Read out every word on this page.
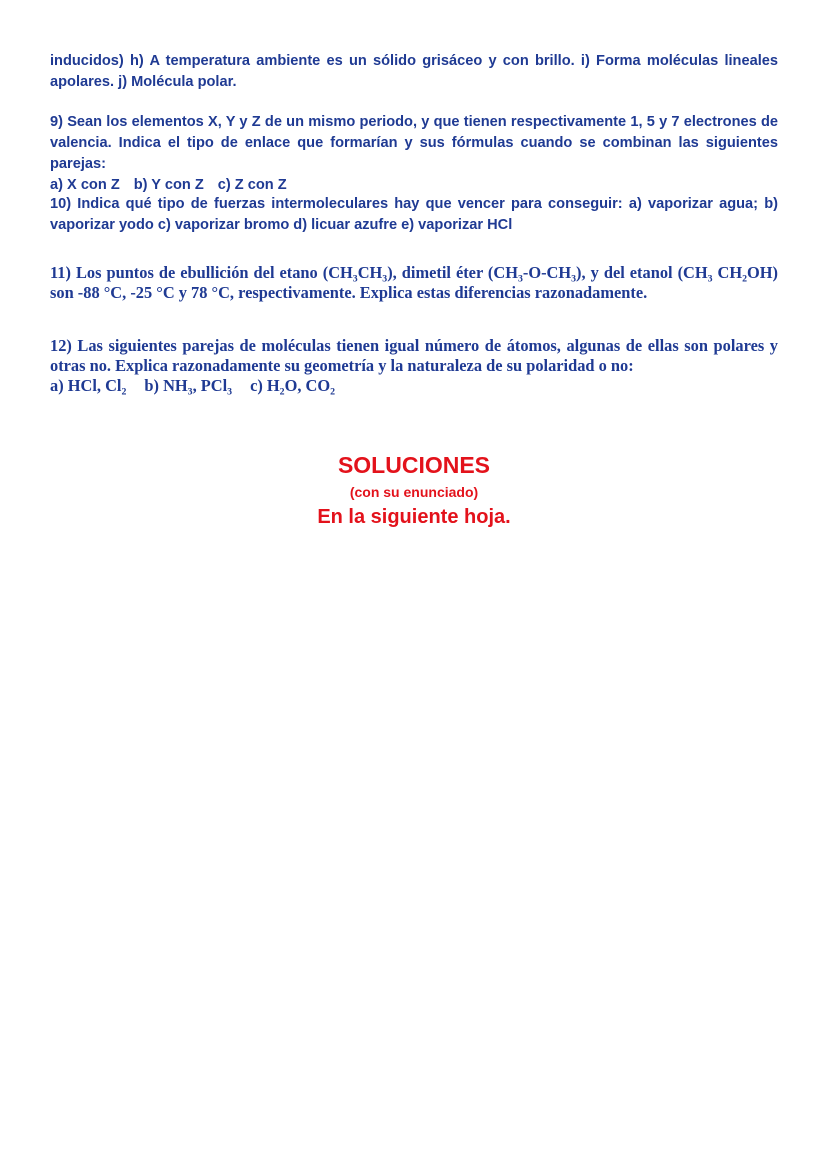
inducidos) h) A temperatura ambiente es un sólido grisáceo y con brillo. i) Forma moléculas lineales apolares. j) Molécula polar.

9) Sean los elementos X, Y y Z de un mismo periodo, y que tienen respectivamente 1, 5 y 7 electrones de valencia. Indica el tipo de enlace que formarían y sus fórmulas cuando se combinan las siguientes parejas:

a) X con Z b) Y con Z c) Z con Z

10) Indica qué tipo de fuerzas intermoleculares hay que vencer para conseguir: a) vaporizar agua; b) vaporizar yodo c) vaporizar bromo d) licuar azufre e) vaporizar HCl

11) Los puntos de ebullición del etano (CH₃CH₃), dimetil éter (CH₃-O-CH₃), y del etanol (CH₃ CH₂OH) son -88 °C, -25 °C y 78 °C, respectivamente. Explica estas diferencias razonadamente.

12) Las siguientes parejas de moléculas tienen igual número de átomos, algunas de ellas son polares y otras no. Explica razonadamente su geometría y la naturaleza de su polaridad o no:

a) HCl, Cl₂ b) NH₃, PCl₃ c) H₂O, CO₂

SOLUCIONES
(con su enunciado)
En la siguiente hoja.
